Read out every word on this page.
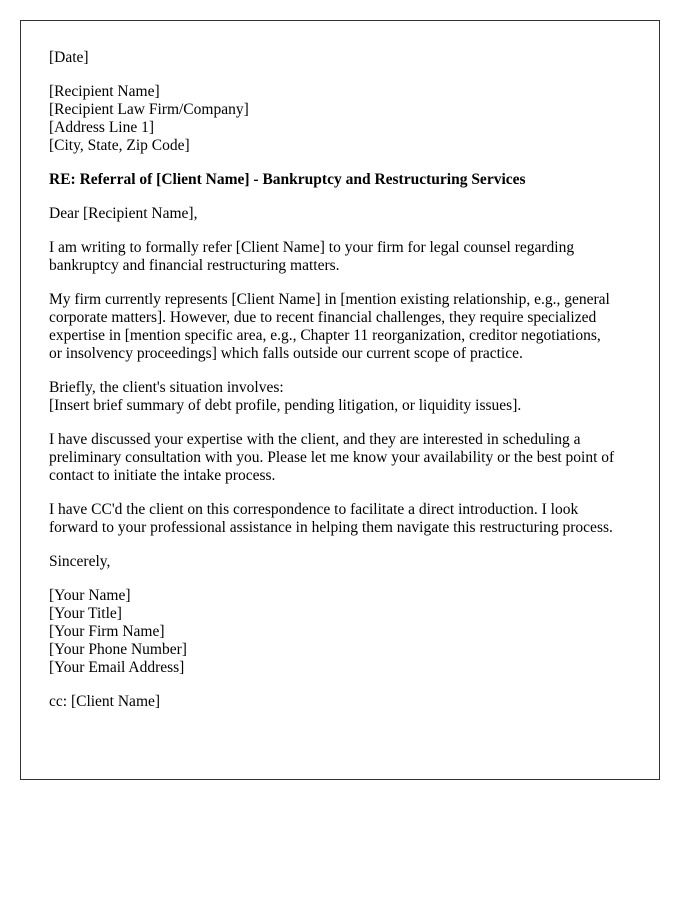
[Date]
[Recipient Name]
[Recipient Law Firm/Company]
[Address Line 1]
[City, State, Zip Code]
RE: Referral of [Client Name] - Bankruptcy and Restructuring Services
Dear [Recipient Name],

I am writing to formally refer [Client Name] to your firm for legal counsel regarding
bankruptcy and financial restructuring matters.

My firm currently represents [Client Name] in [mention existing relationship, e.g., general
corporate matters]. However, due to recent financial challenges, they require specialized
expertise in [mention specific area, e.g., Chapter 11 reorganization, creditor negotiations,
or insolvency proceedings] which falls outside our current scope of practice.

Briefly, the client's situation involves:
[Insert brief summary of debt profile, pending litigation, or liquidity issues].

I have discussed your expertise with the client, and they are interested in scheduling a
preliminary consultation with you. Please let me know your availability or the best point of
contact to initiate the intake process.

I have CC'd the client on this correspondence to facilitate a direct introduction. I look
forward to your professional assistance in helping them navigate this restructuring process.

Sincerely,
[Your Name]
[Your Title]
[Your Firm Name]
[Your Phone Number]
[Your Email Address]
cc: [Client Name]
